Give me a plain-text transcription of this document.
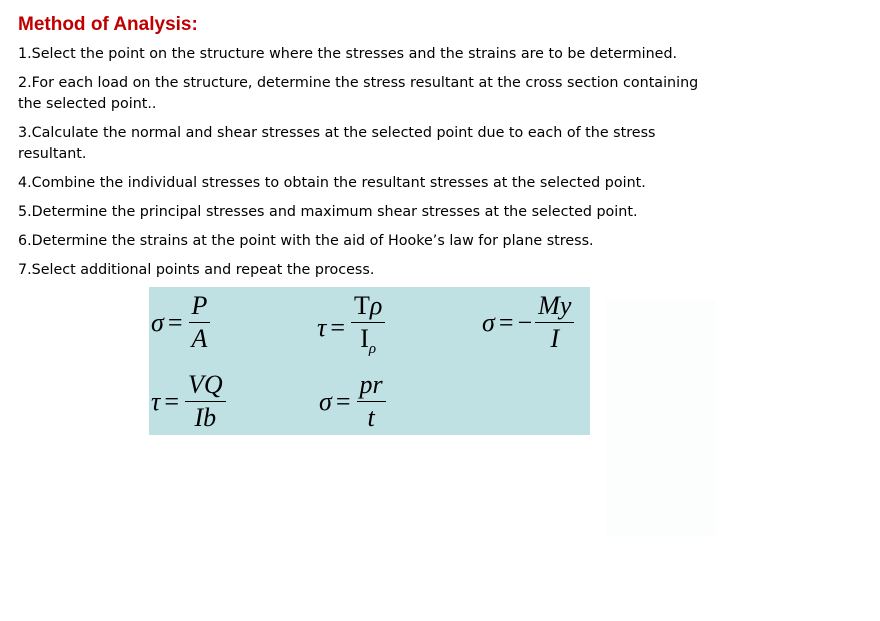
Method of Analysis:
1.Select the point on the structure where the stresses and the strains are to be determined.
2.For each load on the structure, determine the stress resultant at the cross section containing the selected point..
3.Calculate the normal and shear stresses at the selected point due to each of the stress resultant.
4.Combine the individual stresses to obtain the resultant stresses at the selected point.
5.Determine the principal stresses and maximum shear stresses at the selected point.
6.Determine the strains at the point with the aid of Hooke’s law for plane stress.
7.Select additional points and repeat the process.
$\sigma = \frac{P}{A}$	$\tau = \frac{T\rho}{I_\rho}$	σ = − $\frac{My}{I}$
$\tau = \frac{VQ}{Ib}$	$\sigma = \frac{pr}{t}$
